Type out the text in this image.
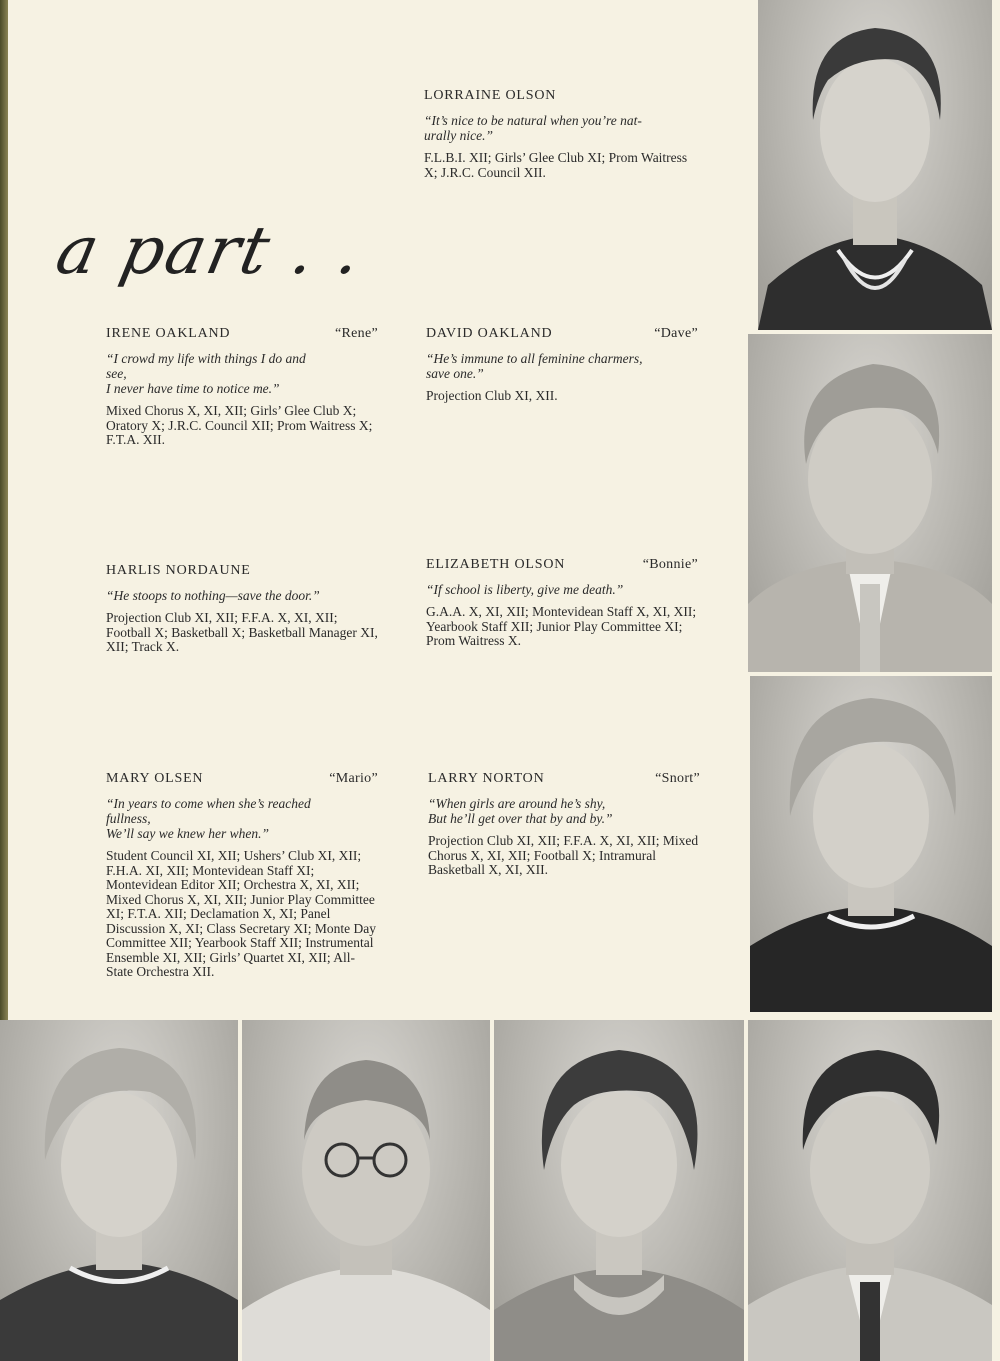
a part . .
LORRAINE OLSON
“It’s nice to be natural when you’re nat-
urally nice.”
F.L.B.I. XII; Girls’ Glee Club XI; Prom Waitress X; J.R.C. Council XII.
IRENE OAKLAND	“Rene”
“I crowd my life with things I do and
see,
I never have time to notice me.”
Mixed Chorus X, XI, XII; Girls’ Glee Club X; Oratory X; J.R.C. Council XII; Prom Waitress X; F.T.A. XII.
DAVID OAKLAND	“Dave”
“He’s immune to all feminine charmers,
save one.”
Projection Club XI, XII.
HARLIS NORDAUNE
“He stoops to nothing—save the door.”
Projection Club XI, XII; F.F.A. X, XI, XII; Football X; Basketball X; Basketball Manager XI, XII; Track X.
ELIZABETH OLSON	“Bonnie”
“If school is liberty, give me death.”
G.A.A. X, XI, XII; Montevidean Staff X, XI, XII; Yearbook Staff XII; Junior Play Committee XI; Prom Waitress X.
MARY OLSEN	“Mario”
“In years to come when she’s reached
fullness,
We’ll say we knew her when.”
Student Council XI, XII; Ushers’ Club XI, XII; F.H.A. XI, XII; Montevidean Staff XI; Montevidean Editor XII; Orchestra X, XI, XII; Mixed Chorus X, XI, XII; Junior Play Committee XI; F.T.A. XII; Declamation X, XI; Panel Discussion X, XI; Class Secretary XI; Monte Day Committee XII; Yearbook Staff XII; Instrumental Ensemble XI, XII; Girls’ Quartet XI, XII; All-State Orchestra XII.
LARRY NORTON	“Snort”
“When girls are around he’s shy,
But he’ll get over that by and by.”
Projection Club XI, XII; F.F.A. X, XI, XII; Mixed Chorus X, XI, XII; Football X; Intramural Basketball X, XI, XII.
